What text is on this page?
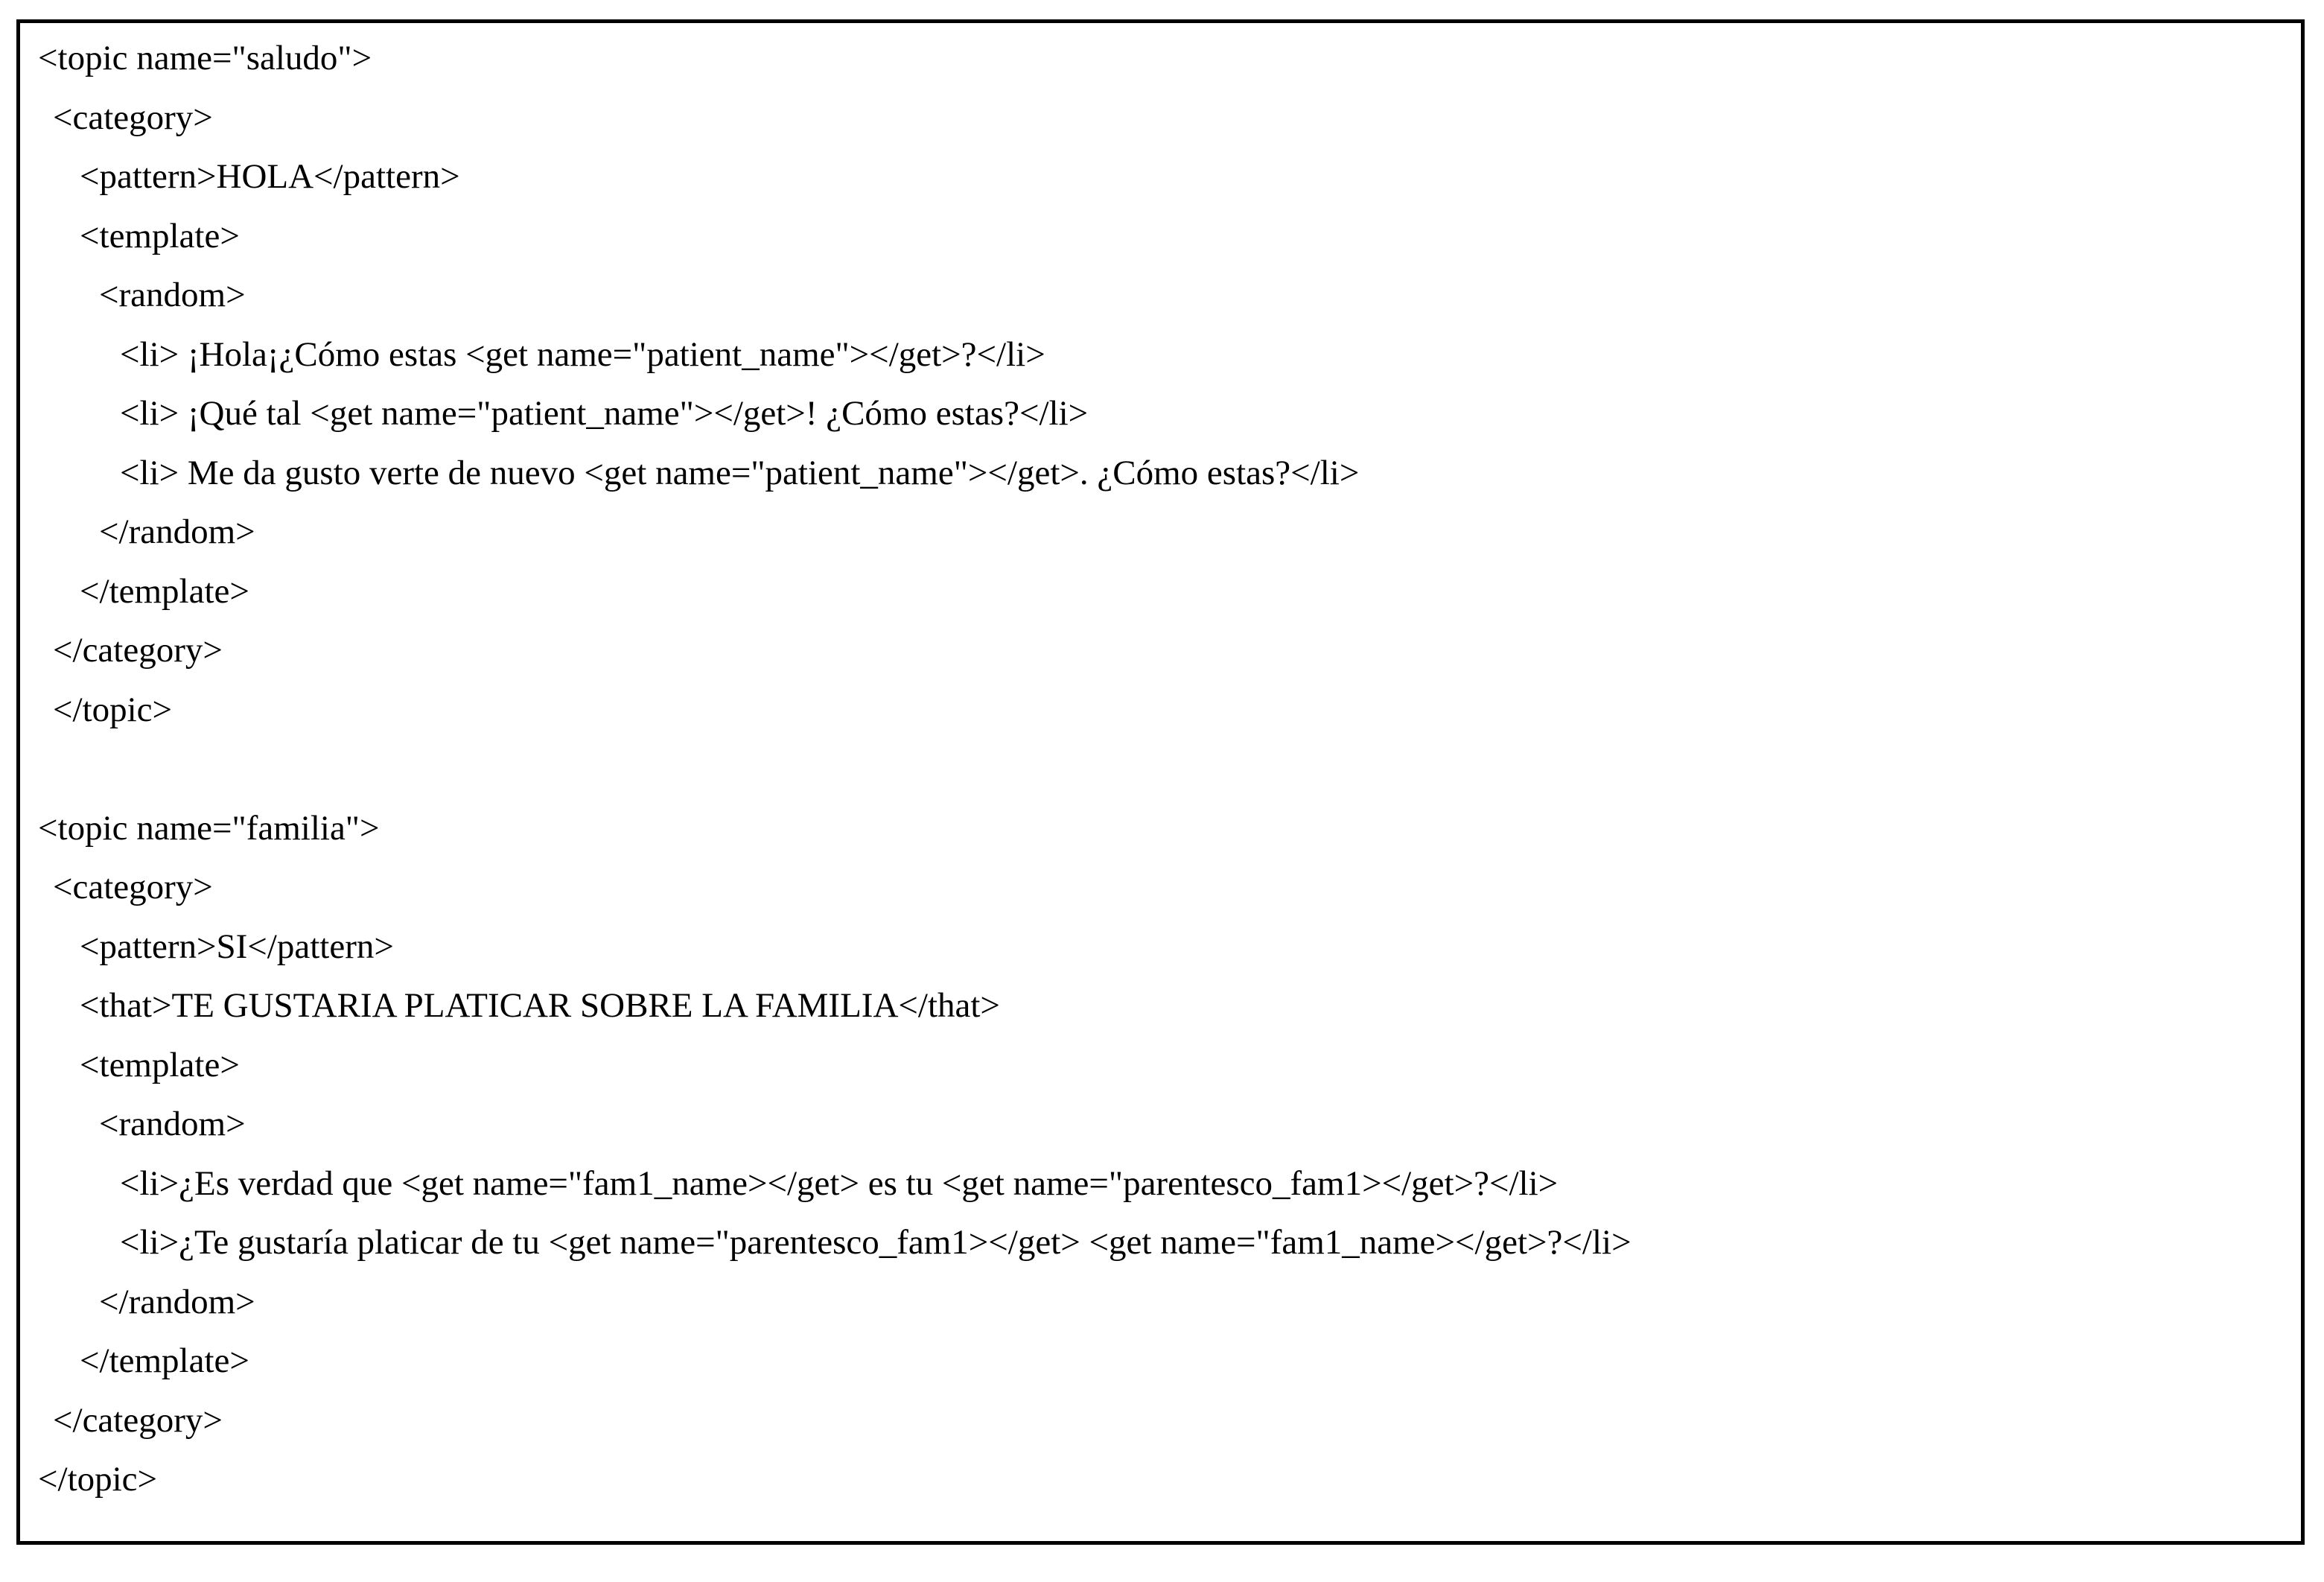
<topic name="saludo">
<category>
<pattern>HOLA</pattern>
<template>
<random>
<li> ¡Hola¡¿Cómo estas <get name="patient_name"></get>?</li>
<li> ¡Qué tal <get name="patient_name"></get>! ¿Cómo estas?</li>
<li> Me da gusto verte de nuevo <get name="patient_name"></get>. ¿Cómo estas?</li>
</random>
</template>
</category>
</topic>
<topic name="familia">
<category>
<pattern>SI</pattern>
<that>TE GUSTARIA PLATICAR SOBRE LA FAMILIA</that>
<template>
<random>
<li>¿Es verdad que <get name="fam1_name></get> es tu <get name="parentesco_fam1></get>?</li>
<li>¿Te gustaría platicar de tu <get name="parentesco_fam1></get> <get name="fam1_name></get>?</li>
</random>
</template>
</category>
</topic>
